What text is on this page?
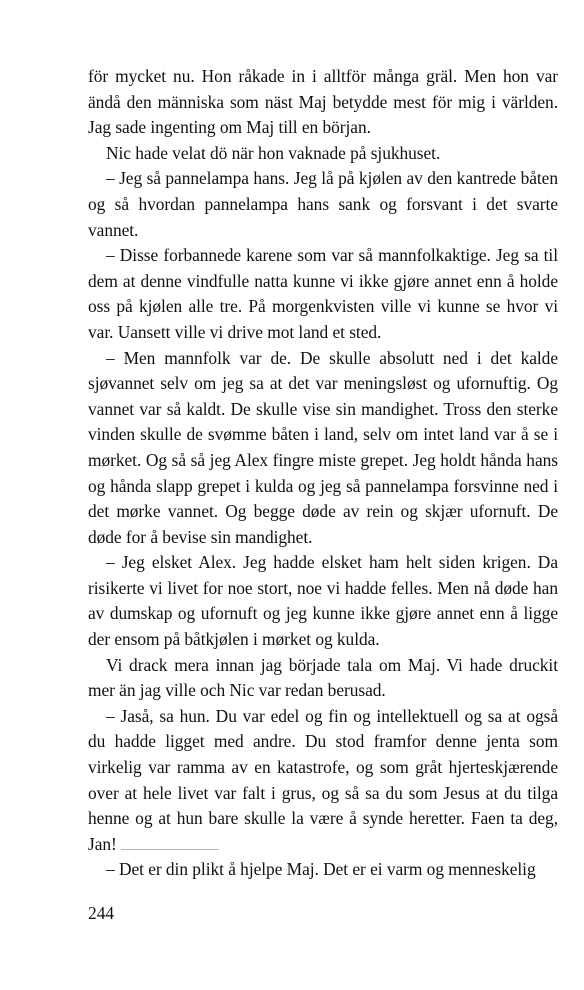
för mycket nu. Hon råkade in i alltför många gräl. Men hon var ändå den människa som näst Maj betydde mest för mig i världen. Jag sade ingenting om Maj till en början.

Nic hade velat dö när hon vaknade på sjukhuset.

– Jeg så pannelampa hans. Jeg lå på kjølen av den kantrede båten og så hvordan pannelampa hans sank og forsvant i det svarte vannet.

– Disse forbannede karene som var så mannfolkaktige. Jeg sa til dem at denne vindfulle natta kunne vi ikke gjøre annet enn å holde oss på kjølen alle tre. På morgenkvisten ville vi kunne se hvor vi var. Uansett ville vi drive mot land et sted.

– Men mannfolk var de. De skulle absolutt ned i det kalde sjøvannet selv om jeg sa at det var meningsløst og ufornuftig. Og vannet var så kaldt. De skulle vise sin mandighet. Tross den sterke vinden skulle de svømme båten i land, selv om intet land var å se i mørket. Og så så jeg Alex fingre miste grepet. Jeg holdt hånda hans og hånda slapp grepet i kulda og jeg så pannelampa forsvinne ned i det mørke vannet. Og begge døde av rein og skjær ufornuft. De døde for å bevise sin mandighet.

– Jeg elsket Alex. Jeg hadde elsket ham helt siden krigen. Da risikerte vi livet for noe stort, noe vi hadde felles. Men nå døde han av dumskap og ufornuft og jeg kunne ikke gjøre annet enn å ligge der ensom på båtkjølen i mørket og kulda.

Vi drack mera innan jag började tala om Maj. Vi hade druckit mer än jag ville och Nic var redan berusad.

– Jaså, sa hun. Du var edel og fin og intellektuell og sa at også du hadde ligget med andre. Du stod framfor denne jenta som virkelig var ramma av en katastrofe, og som gråt hjerteskjærende over at hele livet var falt i grus, og så sa du som Jesus at du tilga henne og at hun bare skulle la være å synde heretter. Faen ta deg, Jan!

– Det er din plikt å hjelpe Maj. Det er ei varm og menneskelig

244
